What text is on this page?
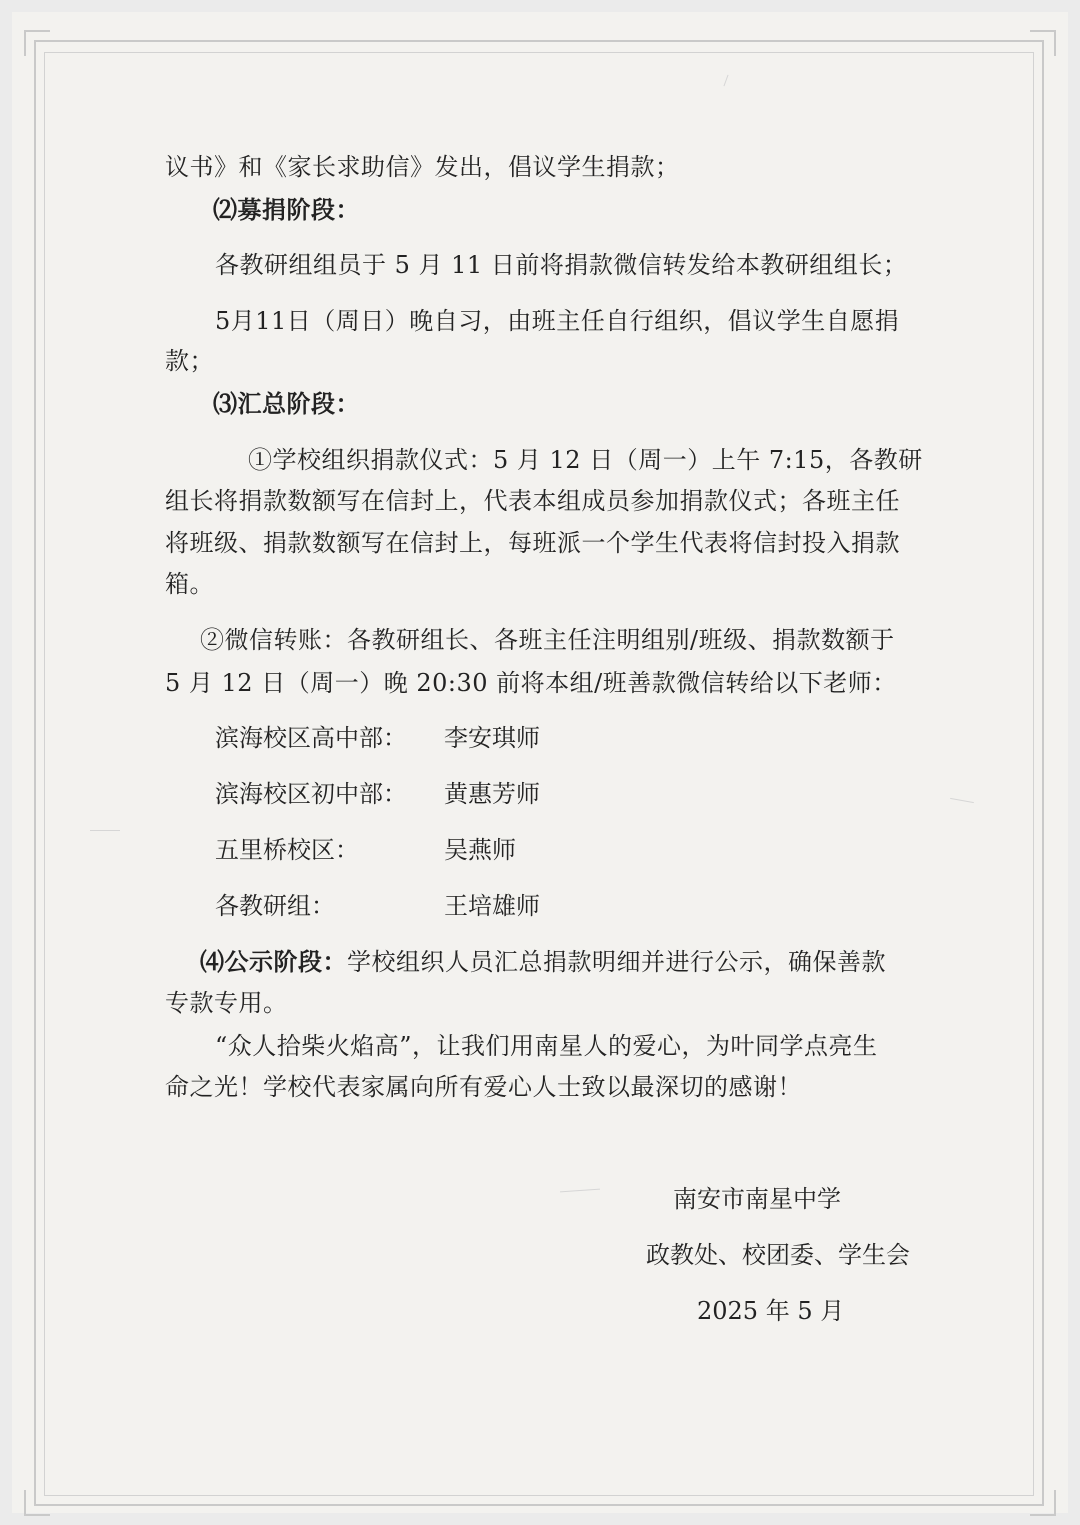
议书》和《家长求助信》发出，倡议学生捐款；
⑵募捐阶段：
各教研组组员于 5 月 11 日前将捐款微信转发给本教研组组长；
5月11日（周日）晚自习，由班主任自行组织，倡议学生自愿捐
款；
⑶汇总阶段：
①学校组织捐款仪式：5 月 12 日（周一）上午 7:15，各教研
组长将捐款数额写在信封上，代表本组成员参加捐款仪式；各班主任
将班级、捐款数额写在信封上，每班派一个学生代表将信封投入捐款
箱。
②微信转账：各教研组长、各班主任注明组别/班级、捐款数额于
5 月 12 日（周一）晚 20:30 前将本组/班善款微信转给以下老师：
滨海校区高中部： 李安琪师
滨海校区初中部： 黄惠芳师
五里桥校区：	吴燕师
各教研组：	王培雄师
⑷公示阶段：学校组织人员汇总捐款明细并进行公示，确保善款
专款专用。
“众人拾柴火焰高”，让我们用南星人的爱心，为叶同学点亮生
命之光！学校代表家属向所有爱心人士致以最深切的感谢！
南安市南星中学
政教处、校团委、学生会
2025 年 5 月
